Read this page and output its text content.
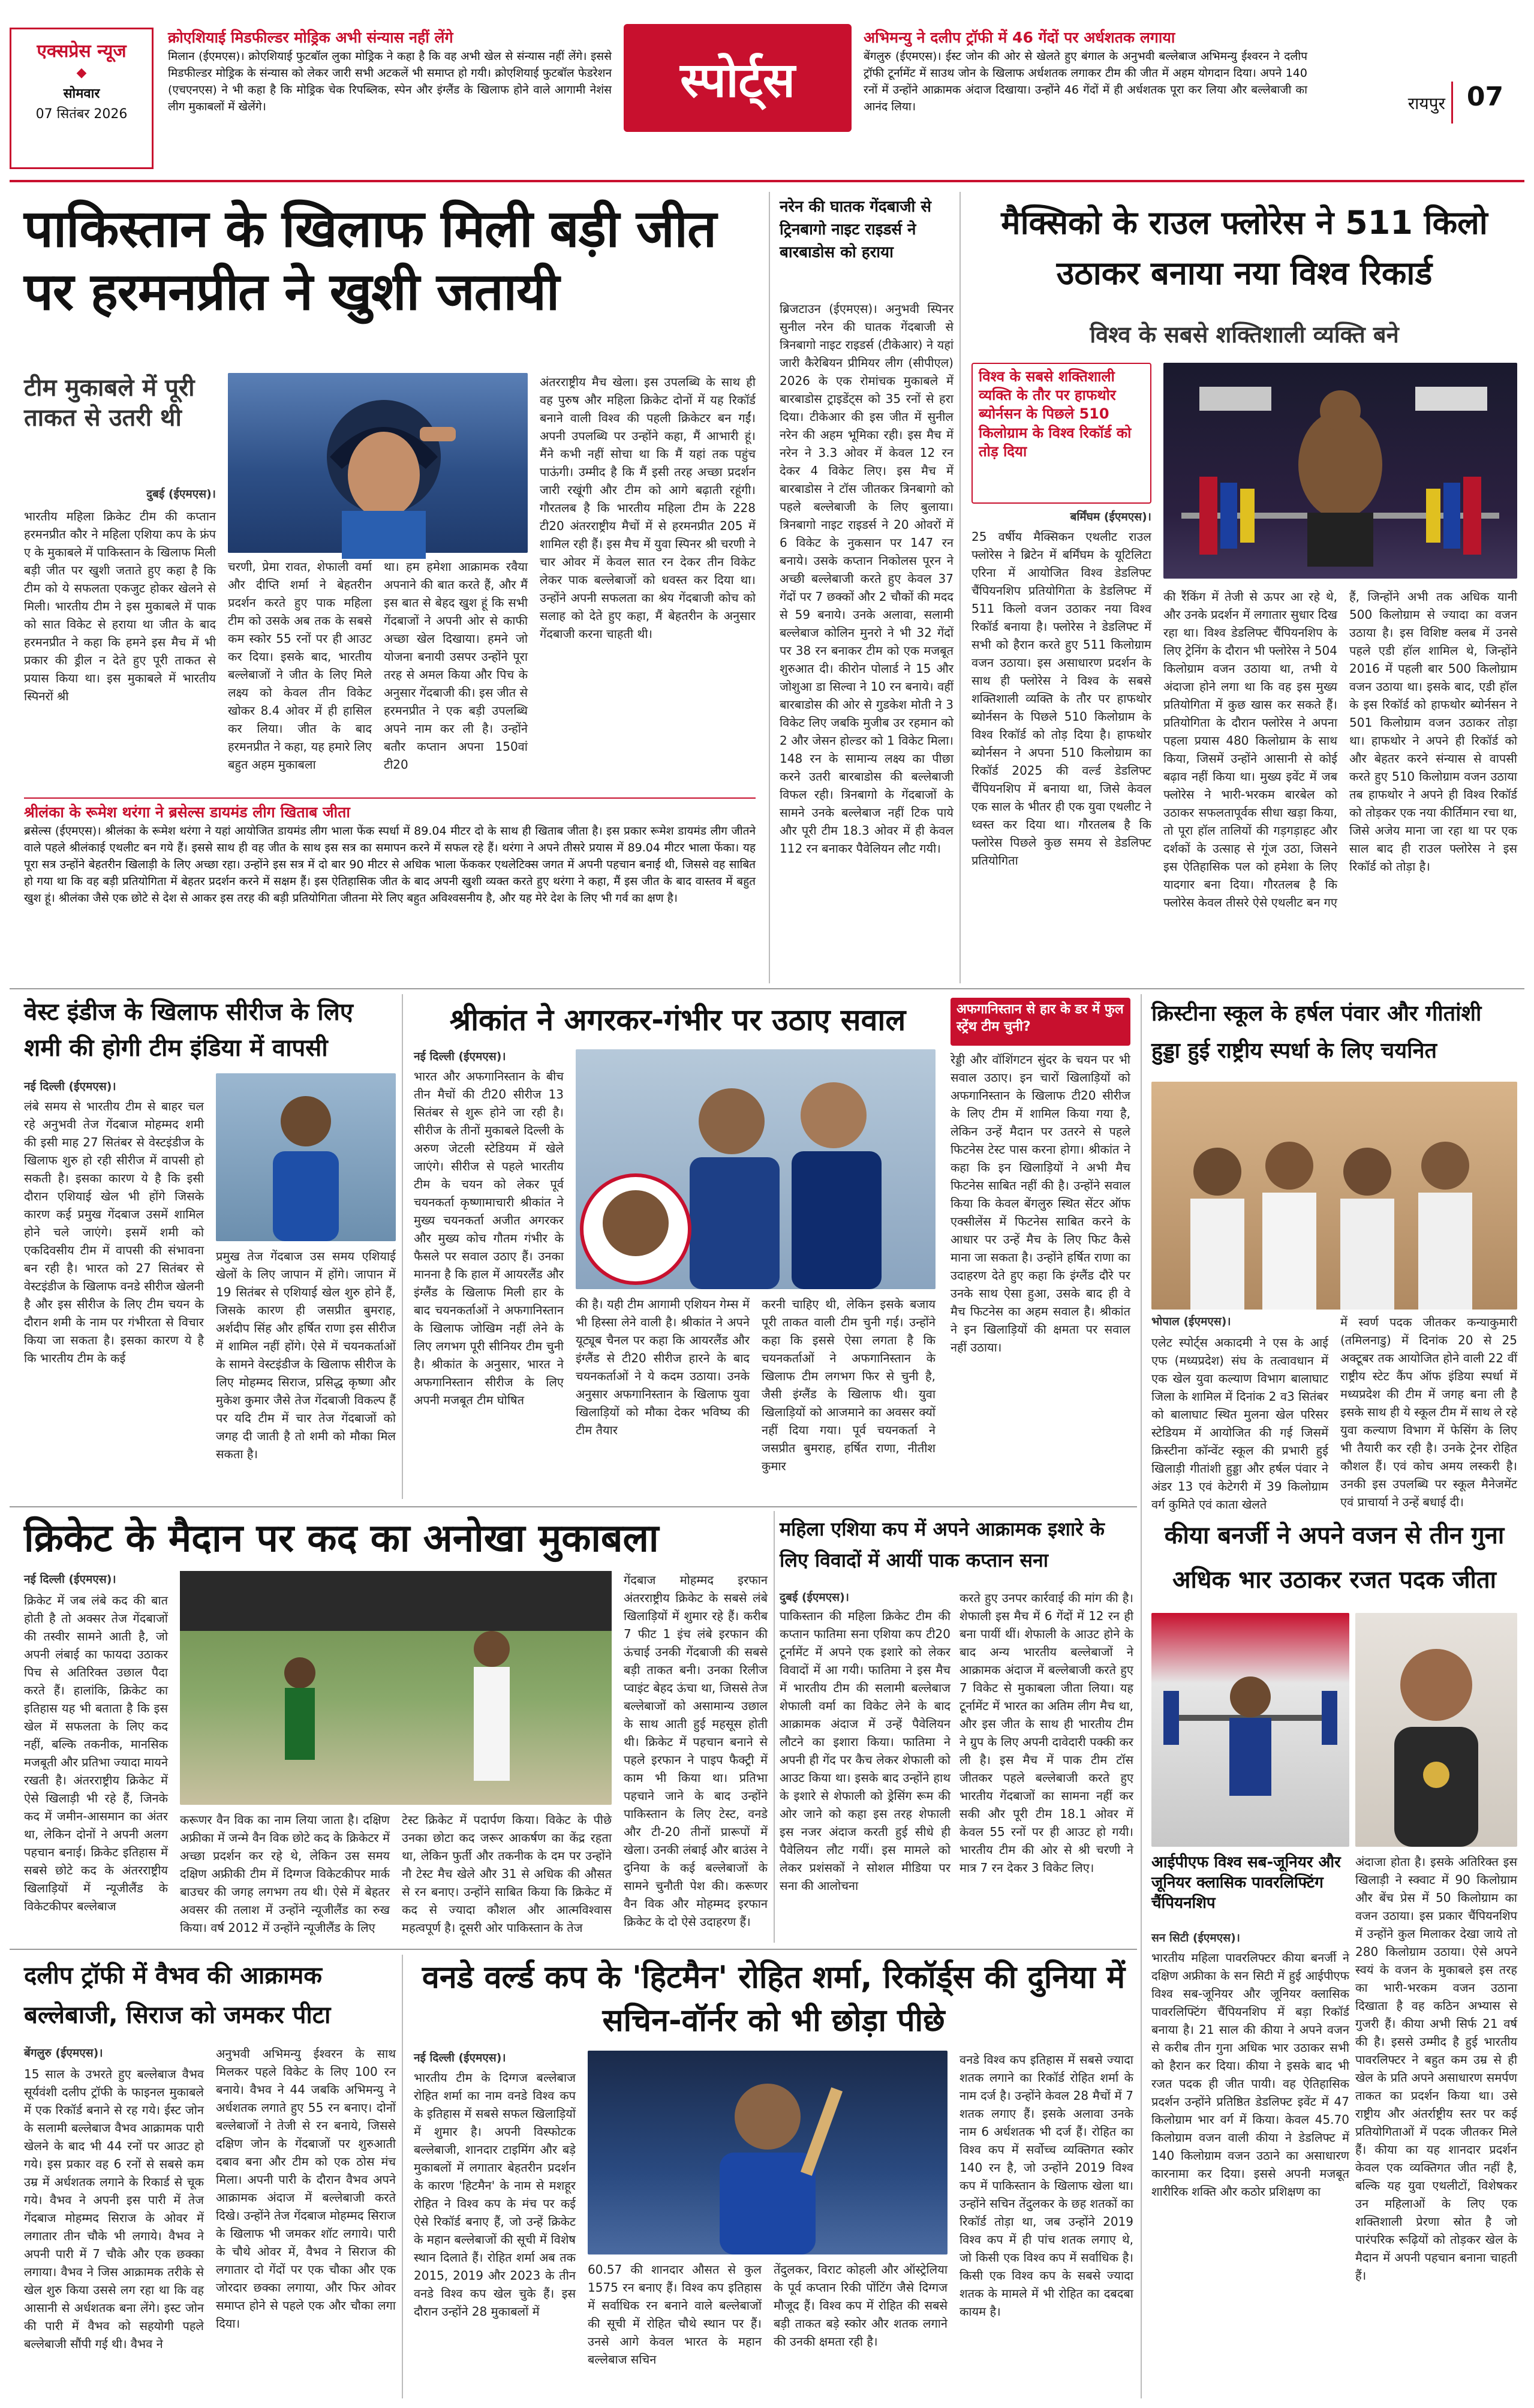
एक्सप्रेस न्यूज
◆
सोमवार
07 सितंबर 2026
क्रोएशियाई मिडफील्डर मोड्रिक अभी संन्यास नहीं लेंगे
मिलान (ईएमएस)। क्रोएशियाई फुटबॉल लुका मोड्रिक ने कहा है कि वह अभी खेल से संन्यास नहीं लेंगे। इससे मिडफील्डर मोड्रिक के संन्यास को लेकर जारी सभी अटकलें भी समाप्त हो गयी। क्रोएशियाई फुटबॉल फेडरेशन (एचएनएस) ने भी कहा है कि मोड्रिक चेक रिपब्लिक, स्पेन और इंग्लैंड के खिलाफ होने वाले आगामी नेशंस लीग मुकाबलों में खेलेंगे।	स्पोर्ट्स
अभिमन्यु ने दलीप ट्रॉफी में 46 गेंदों पर अर्धशतक लगाया
बेंगलुरु (ईएमएस)। ईस्ट जोन की ओर से खेलते हुए बंगाल के अनुभवी बल्लेबाज अभिमन्यु ईश्वरन ने दलीप ट्रॉफी टूर्नामेंट में साउथ जोन के खिलाफ अर्धशतक लगाकर टीम की जीत में अहम योगदान दिया। अपने 140 रनों में उन्होंने आक्रामक अंदाज दिखाया। उन्होंने 46 गेंदों में ही अर्धशतक पूरा कर लिया और बल्लेबाजी का आनंद लिया।	रायपुर 07
पाकिस्तान के खिलाफ मिली बड़ी जीत पर हरमनप्रीत ने खुशी जतायी
टीम मुकाबले में पूरी ताकत से उतरी थी
दुबई (ईएमएस)।
भारतीय महिला क्रिकेट टीम की कप्तान हरमनप्रीत कौर ने महिला एशिया कप के फ्रंप ए के मुकाबले में पाकिस्तान के खिलाफ मिली बड़ी जीत पर खुशी जताते हुए कहा है कि टीम को ये सफलता एकजुट होकर खेलने से मिली। भारतीय टीम ने इस मुकाबले में पाक को सात विकेट से हराया था जीत के बाद हरमनप्रीत ने कहा कि हमने इस मैच में भी प्रकार की ड्रील न देते हुए पूरी ताकत से प्रयास किया था। इस मुकाबले में भारतीय स्पिनरों श्री
चरणी, प्रेमा रावत, शेफाली वर्मा और दीप्ति शर्मा ने बेहतरीन प्रदर्शन करते हुए पाक महिला टीम को उसके अब तक के सबसे कम स्कोर 55 रनों पर ही आउट कर दिया। इसके बाद, भारतीय बल्लेबाजों ने जीत के लिए मिले लक्ष्य को केवल तीन विकेट खोकर 8.4 ओवर में ही हासिल कर लिया। जीत के बाद हरमनप्रीत ने कहा, यह हमारे लिए बहुत अहम मुकाबला
था। हम हमेशा आक्रामक रवैया अपनाने की बात करते हैं, और मैं इस बात से बेहद खुश हूं कि सभी गेंदबाजों ने अपनी ओर से काफी अच्छा खेल दिखाया। हमने जो योजना बनायी उसपर उन्होंने पूरा तरह से अमल किया और पिच के अनुसार गेंदबाजी की। इस जीत से हरमनप्रीत ने एक बड़ी उपलब्धि अपने नाम कर ली है। उन्होंने बतौर कप्तान अपना 150वां टी20
अंतरराष्ट्रीय मैच खेला। इस उपलब्धि के साथ ही वह पुरुष और महिला क्रिकेट दोनों में यह रिकॉर्ड बनाने वाली विश्व की पहली क्रिकेटर बन गईं। अपनी उपलब्धि पर उन्होंने कहा, मैं आभारी हूं। मैंने कभी नहीं सोचा था कि मैं यहां तक पहुंच पाऊंगी। उम्मीद है कि मैं इसी तरह अच्छा प्रदर्शन जारी रखूंगी और टीम को आगे बढ़ाती रहूंगी। गौरतलब है कि भारतीय महिला टीम के 228 टी20 अंतरराष्ट्रीय मैचों में से हरमनप्रीत 205 में शामिल रही हैं। इस मैच में युवा स्पिनर श्री चरणी ने चार ओवर में केवल सात रन देकर तीन विकेट लेकर पाक बल्लेबाजों को धवस्त कर दिया था। उन्होंने अपनी सफलता का श्रेय गेंदबाजी कोच को सलाह को देते हुए कहा, मैं बेहतरीन के अनुसार गेंदबाजी करना चाहती थी।
श्रीलंका के रूमेश थरंगा ने ब्रसेल्स डायमंड लीग खिताब जीता
ब्रसेल्स (ईएमएस)। श्रीलंका के रूमेश थरंगा ने यहां आयोजित डायमंड लीग भाला फेंक स्पर्धा में 89.04 मीटर दो के साथ ही खिताब जीता है। इस प्रकार रूमेश डायमंड लीग जीतने वाले पहले श्रीलंकाई एथलीट बन गये हैं। इससे साथ ही वह जीत के साथ इस सत्र का समापन करने में सफल रहे हैं। थरंगा ने अपने तीसरे प्रयास में 89.04 मीटर भाला फेंका। यह पूरा सत्र उन्होंने बेहतरीन खिलाड़ी के लिए अच्छा रहा। उन्होंने इस सत्र में दो बार 90 मीटर से अधिक भाला फेंककर एथलेटिक्स जगत में अपनी पहचान बनाई थी, जिससे वह साबित हो गया था कि वह बड़ी प्रतियोगिता में बेहतर प्रदर्शन करने में सक्षम हैं। इस ऐतिहासिक जीत के बाद अपनी खुशी व्यक्त करते हुए थरंगा ने कहा, मैं इस जीत के बाद वास्तव में बहुत खुश हूं। श्रीलंका जैसे एक छोटे से देश से आकर इस तरह की बड़ी प्रतियोगिता जीतना मेरे लिए बहुत अविश्वसनीय है, और यह मेरे देश के लिए भी गर्व का क्षण है।
नरेन की घातक गेंदबाजी से ट्रिनबागो नाइट राइडर्स ने बारबाडोस को हराया
ब्रिजटाउन (ईएमएस)। अनुभवी स्पिनर सुनील नरेन की घातक गेंदबाजी से त्रिनबागो नाइट राइडर्स (टीकेआर) ने यहां जारी कैरेबियन प्रीमियर लीग (सीपीएल) 2026 के एक रोमांचक मुकाबले में बारबाडोस ट्राइडेंट्स को 35 रनों से हरा दिया। टीकेआर की इस जीत में सुनील नरेन की अहम भूमिका रही। इस मैच में नरेन ने 3.3 ओवर में केवल 12 रन देकर 4 विकेट लिए। इस मैच में बारबाडोस ने टॉस जीतकर त्रिनबागो को पहले बल्लेबाजी के लिए बुलाया। त्रिनबागो नाइट राइडर्स ने 20 ओवरों में 6 विकेट के नुकसान पर 147 रन बनाये। उसके कप्तान निकोलस पूरन ने अच्छी बल्लेबाजी करते हुए केवल 37 गेंदों पर 7 छक्कों और 2 चौकों की मदद से 59 बनाये। उनके अलावा, सलामी बल्लेबाज कोलिन मुनरो ने भी 32 गेंदों पर 38 रन बनाकर टीम को एक मजबूत शुरुआत दी। कीरोन पोलार्ड ने 15 और जोशुआ डा सिल्वा ने 10 रन बनाये। वहीं बारबाडोस की ओर से गुडकेश मोती ने 3 विकेट लिए जबकि मुजीब उर रहमान को 2 और जेसन होल्डर को 1 विकेट मिला। 148 रन के सामान्य लक्ष्य का पीछा करने उतरी बारबाडोस की बल्लेबाजी विफल रही। त्रिनबागो के गेंदबाजों के सामने उनके बल्लेबाज नहीं टिक पाये और पूरी टीम 18.3 ओवर में ही केवल 112 रन बनाकर पैवेलियन लौट गयी।
मैक्सिको के राउल फ्लोरेस ने 511 किलो उठाकर बनाया नया विश्व रिकार्ड
विश्व के सबसे शक्तिशाली व्यक्ति बने
विश्व के सबसे शक्तिशाली व्यक्ति के तौर पर हाफथोर ब्योर्नसन के पिछले 510 किलोग्राम के विश्व रिकॉर्ड को तोड़ दिया
बर्मिंघम (ईएमएस)।
25 वर्षीय मैक्सिकन एथलीट राउल फ्लोरेस ने ब्रिटेन में बर्मिंघम के यूटिलिटा एरिना में आयोजित विश्व डेडलिफ्ट चैंपियनशिप प्रतियोगिता के डेडलिफ्ट में 511 किलो वजन उठाकर नया विश्व रिकॉर्ड बनाया है। फ्लोरेस ने डेडलिफ्ट में सभी को हैरान करते हुए 511 किलोग्राम वजन उठाया। इस असाधारण प्रदर्शन के साथ ही फ्लोरेस ने विश्व के सबसे शक्तिशाली व्यक्ति के तौर पर हाफथोर ब्योर्नसन के पिछले 510 किलोग्राम के विश्व रिकॉर्ड को तोड़ दिया है। हाफथोर ब्योर्नसन ने अपना 510 किलोग्राम का रिकॉर्ड 2025 की वर्ल्ड डेडलिफ्ट चैंपियनशिप में बनाया था, जिसे केवल एक साल के भीतर ही एक युवा एथलीट ने ध्वस्त कर दिया था। गौरतलब है कि फ्लोरेस पिछले कुछ समय से डेडलिफ्ट प्रतियोगिता
की रैंकिंग में तेजी से ऊपर आ रहे थे, और उनके प्रदर्शन में लगातार सुधार दिख रहा था। विश्व डेडलिफ्ट चैंपियनशिप के लिए ट्रेनिंग के दौरान भी फ्लोरेस ने 504 किलोग्राम वजन उठाया था, तभी ये अंदाजा होने लगा था कि वह इस मुख्य प्रतियोगिता में कुछ खास कर सकते हैं। प्रतियोगिता के दौरान फ्लोरेस ने अपना पहला प्रयास 480 किलोग्राम के साथ किया, जिसमें उन्होंने आसानी से कोई बढ़ाव नहीं किया था। मुख्य इवेंट में जब फ्लोरेस ने भारी-भरकम बारबेल को उठाकर सफलतापूर्वक सीधा खड़ा किया, तो पूरा हॉल तालियों की गड़गड़ाहट और दर्शकों के उत्साह से गूंज उठा, जिसने इस ऐतिहासिक पल को हमेशा के लिए यादगार बना दिया। गौरतलब है कि फ्लोरेस केवल तीसरे ऐसे एथलीट बन गए
हैं, जिन्होंने अभी तक अधिक यानी 500 किलोग्राम से ज्यादा का वजन उठाया है। इस विशिष्ट क्लब में उनसे पहले एडी हॉल शामिल थे, जिन्होंने 2016 में पहली बार 500 किलोग्राम वजन उठाया था। इसके बाद, एडी हॉल के इस रिकॉर्ड को हाफथोर ब्योर्नसन ने 501 किलोग्राम वजन उठाकर तोड़ा था। हाफथोर ने अपने ही रिकॉर्ड को और बेहतर करने संन्यास से वापसी करते हुए 510 किलोग्राम वजन उठाया तब हाफथोर ने अपने ही विश्व रिकॉर्ड को तोड़कर एक नया कीर्तिमान रचा था, जिसे अजेय माना जा रहा था पर एक साल बाद ही राउल फ्लोरेस ने इस रिकॉर्ड को तोड़ा है।
वेस्ट इंडीज के खिलाफ सीरीज के लिए शमी की होगी टीम इंडिया में वापसी
नई दिल्ली (ईएमएस)।
लंबे समय से भारतीय टीम से बाहर चल रहे अनुभवी तेज गेंदबाज मोहम्मद शमी की इसी माह 27 सितंबर से वेस्टइंडीज के खिलाफ शुरु हो रही सीरीज में वापसी हो सकती है। इसका कारण ये है कि इसी दौरान एशियाई खेल भी होंगे जिसके कारण कई प्रमुख गेंदबाज उसमें शामिल होने चले जाएंगे। इसमें शमी को एकदिवसीय टीम में वापसी की संभावना बन रही है। भारत को 27 सितंबर से वेस्टइंडीज के खिलाफ वनडे सीरीज खेलनी है और इस सीरीज के लिए टीम चयन के दौरान शमी के नाम पर गंभीरता से विचार किया जा सकता है। इसका कारण ये है कि भारतीय टीम के कई
प्रमुख तेज गेंदबाज उस समय एशियाई खेलों के लिए जापान में होंगे। जापान में 19 सितंबर से एशियाई खेल शुरु होने हैं, जिसके कारण ही जसप्रीत बुमराह, अर्शदीप सिंह और हर्षित राणा इस सीरीज में शामिल नहीं होंगे। ऐसे में चयनकर्ताओं के सामने वेस्टइंडीज के खिलाफ सीरीज के लिए मोहम्मद सिराज, प्रसिद्ध कृष्णा और मुकेश कुमार जैसे तेज गेंदबाजी विकल्प हैं पर यदि टीम में चार तेज गेंदबाजों को जगह दी जाती है तो शमी को मौका मिल सकता है।
श्रीकांत ने अगरकर-गंभीर पर उठाए सवाल	अफगानिस्तान से हार के डर में फुल स्ट्रेंथ टीम चुनी?
नई दिल्ली (ईएमएस)।
भारत और अफगानिस्तान के बीच तीन मैचों की टी20 सीरीज 13 सितंबर से शुरू होने जा रही है। सीरीज के तीनों मुकाबले दिल्ली के अरुण जेटली स्टेडियम में खेले जाएंगे। सीरीज से पहले भारतीय टीम के चयन को लेकर पूर्व चयनकर्ता कृष्णामाचारी श्रीकांत ने मुख्य चयनकर्ता अजीत अगरकर और मुख्य कोच गौतम गंभीर के फैसले पर सवाल उठाए हैं। उनका मानना है कि हाल में आयरलैंड और इंग्लैंड के खिलाफ मिली हार के बाद चयनकर्ताओं ने अफगानिस्तान के खिलाफ जोखिम नहीं लेने के लिए लगभग पूरी सीनियर टीम चुनी है। श्रीकांत के अनुसार, भारत ने अफगानिस्तान सीरीज के लिए अपनी मजबूत टीम घोषित
की है। यही टीम आगामी एशियन गेम्स में भी हिस्सा लेने वाली है। श्रीकांत ने अपने यूट्यूब चैनल पर कहा कि आयरलैंड और इंग्लैंड से टी20 सीरीज हारने के बाद चयनकर्ताओं ने ये कदम उठाया। उनके अनुसार अफगानिस्तान के खिलाफ युवा खिलाड़ियों को मौका देकर भविष्य की टीम तैयार
करनी चाहिए थी, लेकिन इसके बजाय पूरी ताकत वाली टीम चुनी गई। उन्होंने कहा कि इससे ऐसा लगता है कि चयनकर्ताओं ने अफगानिस्तान के खिलाफ टीम लगभग फिर से चुनी है, जैसी इंग्लैंड के खिलाफ थी। युवा खिलाड़ियों को आजमाने का अवसर क्यों नहीं दिया गया। पूर्व चयनकर्ता ने जसप्रीत बुमराह, हर्षित राणा, नीतीश कुमार
रेड्डी और वॉशिंगटन सुंदर के चयन पर भी सवाल उठाए। इन चारों खिलाड़ियों को अफगानिस्तान के खिलाफ टी20 सीरीज के लिए टीम में शामिल किया गया है, लेकिन उन्हें मैदान पर उतरने से पहले फिटनेस टेस्ट पास करना होगा। श्रीकांत ने कहा कि इन खिलाड़ियों ने अभी मैच फिटनेस साबित नहीं की है। उन्होंने सवाल किया कि केवल बेंगलुरु स्थित सेंटर ऑफ एक्सीलेंस में फिटनेस साबित करने के आधार पर उन्हें मैच के लिए फिट कैसे माना जा सकता है। उन्होंने हर्षित राणा का उदाहरण देते हुए कहा कि इंग्लैंड दौरे पर उनके साथ ऐसा हुआ, उसके बाद ही वे मैच फिटनेस का अहम सवाल है। श्रीकांत ने इन खिलाड़ियों की क्षमता पर सवाल नहीं उठाया।
क्रिस्टीना स्कूल के हर्षल पंवार और गीतांशी हुड्डा हुई राष्ट्रीय स्पर्धा के लिए चयनित
भोपाल (ईएमएस)।
एलेट स्पोर्ट्स अकादमी ने एस के आई एफ (मध्यप्रदेश) संघ के तत्वावधान में एक खेल युवा कल्याण विभाग बालाघाट जिला के शामिल में दिनांक 2 व3 सितंबर को बालाघाट स्थित मुलना खेल परिसर स्टेडियम में आयोजित की गई जिसमें क्रिस्टीना कॉन्वेंट स्कूल की प्रभारी हुई खिलाड़ी गीतांशी हुड्डा और हर्षल पंवार ने अंडर 13 एवं केटेगरी में 39 किलोग्राम वर्ग कुमिते एवं काता खेलते
में स्वर्ण पदक जीतकर कन्याकुमारी (तमिलनाडु) में दिनांक 20 से 25 अक्टूबर तक आयोजित होने वाली 22 वीं राष्ट्रीय स्टेट कैंप ऑफ इंडिया स्पर्धा में मध्यप्रदेश की टीम में जगह बना ली है इसके साथ ही ये स्कूल टीम में साथ ले रहे युवा कल्याण विभाग में फेसिंग के लिए भी तैयारी कर रही है। उनके ट्रेनर रोहित कौशल हैं। एवं कोच अमय लस्करी है। उनकी इस उपलब्धि पर स्कूल मैनेजमेंट एवं प्राचार्या ने उन्हें बधाई दी।
क्रिकेट के मैदान पर कद का अनोखा मुकाबला
नई दिल्ली (ईएमएस)।
क्रिकेट में जब लंबे कद की बात होती है तो अक्सर तेज गेंदबाजों की तस्वीर सामने आती है, जो अपनी लंबाई का फायदा उठाकर पिच से अतिरिक्त उछाल पैदा करते हैं। हालांकि, क्रिकेट का इतिहास यह भी बताता है कि इस खेल में सफलता के लिए कद नहीं, बल्कि तकनीक, मानसिक मजबूती और प्रतिभा ज्यादा मायने रखती है। अंतरराष्ट्रीय क्रिकेट में ऐसे खिलाड़ी भी रहे हैं, जिनके कद में जमीन-आसमान का अंतर था, लेकिन दोनों ने अपनी अलग पहचान बनाई। क्रिकेट इतिहास में सबसे छोटे कद के अंतरराष्ट्रीय खिलाड़ियों में न्यूजीलैंड के विकेटकीपर बल्लेबाज
करूणर वैन विक का नाम लिया जाता है। दक्षिण अफ्रीका में जन्मे वैन विक छोटे कद के क्रिकेटर में अच्छा प्रदर्शन कर रहे थे, लेकिन उस समय दक्षिण अफ्रीकी टीम में दिग्गज विकेटकीपर मार्क बाउचर की जगह लगभग तय थी। ऐसे में बेहतर अवसर की तलाश में उन्होंने न्यूजीलैंड का रुख किया। वर्ष 2012 में उन्होंने न्यूजीलैंड के लिए
टेस्ट क्रिकेट में पदार्पण किया। विकेट के पीछे उनका छोटा कद जरूर आकर्षण का केंद्र रहता था, लेकिन फुर्ती और तकनीक के दम पर उन्होंने नौ टेस्ट मैच खेले और 31 से अधिक की औसत से रन बनाए। उन्होंने साबित किया कि क्रिकेट में कद से ज्यादा कौशल और आत्मविश्वास महत्वपूर्ण है। दूसरी ओर पाकिस्तान के तेज
गेंदबाज मोहम्मद इरफान अंतरराष्ट्रीय क्रिकेट के सबसे लंबे खिलाड़ियों में शुमार रहे हैं। करीब 7 फीट 1 इंच लंबे इरफान की ऊंचाई उनकी गेंदबाजी की सबसे बड़ी ताकत बनी। उनका रिलीज प्वाइंट बेहद ऊंचा था, जिससे तेज बल्लेबाजों को असामान्य उछाल के साथ आती हुई महसूस होती थी। क्रिकेट में पहचान बनाने से पहले इरफान ने पाइप फैक्ट्री में काम भी किया था। प्रतिभा पहचाने जाने के बाद उन्होंने पाकिस्तान के लिए टेस्ट, वनडे और टी-20 तीनों प्रारूपों में खेला। उनकी लंबाई और बाउंस ने दुनिया के कई बल्लेबाजों के सामने चुनौती पेश की। करूणर वैन विक और मोहम्मद इरफान क्रिकेट के दो ऐसे उदाहरण हैं।
महिला एशिया कप में अपने आक्रामक इशारे के लिए विवादों में आयीं पाक कप्तान सना
दुबई (ईएमएस)।
पाकिस्तान की महिला क्रिकेट टीम की कप्तान फातिमा सना एशिया कप टी20 टूर्नामेंट में अपने एक इशारे को लेकर विवादों में आ गयी। फातिमा ने इस मैच में भारतीय टीम की सलामी बल्लेबाज शेफाली वर्मा का विकेट लेने के बाद आक्रामक अंदाज में उन्हें पैवेलियन लौटने का इशारा किया। फातिमा ने अपनी ही गेंद पर कैच लेकर शेफाली को आउट किया था। इसके बाद उन्होंने हाथ के इशारे से शेफाली को ड्रेसिंग रूम की ओर जाने को कहा इस तरह शेफाली इस नजर अंदाज करती हुई सीधे ही पैवेलियन लौट गयीं। इस मामले को लेकर प्रशंसकों ने सोशल मीडिया पर सना की आलोचना
करते हुए उनपर कार्रवाई की मांग की है। शेफाली इस मैच में 6 गेंदों में 12 रन ही बना पायीं थीं। शेफाली के आउट होने के बाद अन्य भारतीय बल्लेबाजों ने आक्रामक अंदाज में बल्लेबाजी करते हुए 7 विकेट से मुकाबला जीता लिया। यह टूर्नामेंट में भारत का अतिम लीग मैच था, और इस जीत के साथ ही भारतीय टीम ने ग्रुप के लिए अपनी दावेदारी पक्की कर ली है। इस मैच में पाक टीम टॉस जीतकर पहले बल्लेबाजी करते हुए भारतीय गेंदबाजों का सामना नहीं कर सकी और पूरी टीम 18.1 ओवर में केवल 55 रनों पर ही आउट हो गयी। भारतीय टीम की ओर से श्री चरणी ने मात्र 7 रन देकर 3 विकेट लिए।
कीया बनर्जी ने अपने वजन से तीन गुना अधिक भार उठाकर रजत पदक जीता
आईपीएफ विश्व सब-जूनियर और जूनियर क्लासिक पावरलिफ्टिंग चैंपियनशिप
सन सिटी (ईएमएस)।
भारतीय महिला पावरलिफ्टर कीया बनर्जी ने दक्षिण अफ्रीका के सन सिटी में हुई आईपीएफ विश्व सब-जूनियर और जूनियर क्लासिक पावरलिफ्टिंग चैंपियनशिप में बड़ा रिकॉर्ड बनाया है। 21 साल की कीया ने अपने वजन से करीब तीन गुना अधिक भार उठाकर सभी को हैरान कर दिया। कीया ने इसके बाद भी रजत पदक ही जीत पायी। वह ऐतिहासिक प्रदर्शन उन्होंने प्रतिष्ठित डेडलिफ्ट इवेंट में 47 किलोग्राम भार वर्ग में किया। केवल 45.70 किलोग्राम वजन वाली कीया ने डेडलिफ्ट में 140 किलोग्राम वजन उठाने का असाधारण कारनामा कर दिया। इससे अपनी मजबूत शारीरिक शक्ति और कठोर प्रशिक्षण का
अंदाजा होता है। इसके अतिरिक्त इस खिलाड़ी ने स्क्वाट में 90 किलोग्राम और बेंच प्रेस में 50 किलोग्राम का वजन उठाया। इस प्रकार चैंपियनशिप में उन्होंने कुल मिलाकर देखा जाये तो 280 किलोग्राम उठाया। ऐसे अपने स्वयं के वजन के मुकाबले इस तरह का भारी-भरकम वजन उठाना दिखाता है वह कठिन अभ्यास से गुजरी हैं। कीया अभी सिर्फ 21 वर्ष की है। इससे उम्मीद है हुई भारतीय पावरलिफ्टर ने बहुत कम उम्र से ही खेल के प्रति अपने असाधारण समर्पण ताकत का प्रदर्शन किया था। उसे राष्ट्रीय और अंतर्राष्ट्रीय स्तर पर कई प्रतियोगिताओं में पदक जीतकर मिले हैं। कीया का यह शानदार प्रदर्शन केवल एक व्यक्तिगत जीत नहीं है, बल्कि यह युवा एथलीटों, विशेषकर उन महिलाओं के लिए एक शक्तिशाली प्रेरणा स्रोत है जो पारंपरिक रूढ़ियों को तोड़कर खेल के मैदान में अपनी पहचान बनाना चाहती हैं।
दलीप ट्रॉफी में वैभव की आक्रामक बल्लेबाजी, सिराज को जमकर पीटा
बेंगलुरु (ईएमएस)।
15 साल के उभरते हुए बल्लेबाज वैभव सूर्यवंशी दलीप ट्रॉफी के फाइनल मुकाबले में एक रिकॉर्ड बनाने से रह गये। ईस्ट जोन के सलामी बल्लेबाज वैभव आक्रामक पारी खेलने के बाद भी 44 रनों पर आउट हो गये। इस प्रकार वह 6 रनों से सबसे कम उम्र में अर्धशतक लगाने के रिकार्ड से चूक गये। वैभव ने अपनी इस पारी में तेज गेंदबाज मोहम्मद सिराज के ओवर में लगातार तीन चौके भी लगाये। वैभव ने अपनी पारी में 7 चौके और एक छक्का लगाया। वैभव ने जिस आक्रामक तरीके से खेल शुरु किया उससे लग रहा था कि वह आसानी से अर्धशतक बना लेंगे। इस्ट जोन की पारी में वैभव को सहयोगी पहले बल्लेबाजी सौंपी गई थी। वैभव ने
अनुभवी अभिमन्यु ईश्वरन के साथ मिलकर पहले विकेट के लिए 100 रन बनाये। वैभव ने 44 जबकि अभिमन्यु ने अर्धशतक लगाते हुए 55 रन बनाए। दोनों बल्लेबाजों ने तेजी से रन बनाये, जिससे दक्षिण जोन के गेंदबाजों पर शुरुआती दबाव बना और टीम को एक ठोस मंच मिला। अपनी पारी के दौरान वैभव अपने आक्रामक अंदाज में बल्लेबाजी करते दिखे। उन्होंने तेज गेंदबाज मोहम्मद सिराज के खिलाफ भी जमकर शॉट लगाये। पारी के चौथे ओवर में, वैभव ने सिराज की लगातार दो गेंदों पर एक चौका और एक जोरदार छक्का लगाया, और फिर ओवर समाप्त होने से पहले एक और चौका लगा दिया।
वनडे वर्ल्ड कप के 'हिटमैन' रोहित शर्मा, रिकॉर्ड्स की दुनिया में सचिन-वॉर्नर को भी छोड़ा पीछे
नई दिल्ली (ईएमएस)।
भारतीय टीम के दिग्गज बल्लेबाज रोहित शर्मा का नाम वनडे विश्व कप के इतिहास में सबसे सफल खिलाड़ियों में शुमार है। अपनी विस्फोटक बल्लेबाजी, शानदार टाइमिंग और बड़े मुकाबलों में लगातार बेहतरीन प्रदर्शन के कारण 'हिटमैन' के नाम से मशहूर रोहित ने विश्व कप के मंच पर कई ऐसे रिकॉर्ड बनाए हैं, जो उन्हें क्रिकेट के महान बल्लेबाजों की सूची में विशेष स्थान दिलाते हैं। रोहित शर्मा अब तक 2015, 2019 और 2023 के तीन वनडे विश्व कप खेल चुके हैं। इस दौरान उन्होंने 28 मुकाबलों में
60.57 की शानदार औसत से कुल 1575 रन बनाए हैं। विश्व कप इतिहास में सर्वाधिक रन बनाने वाले बल्लेबाजों की सूची में रोहित चौथे स्थान पर हैं। उनसे आगे केवल भारत के महान बल्लेबाज सचिन
तेंदुलकर, विराट कोहली और ऑस्ट्रेलिया के पूर्व कप्तान रिकी पोंटिंग जैसे दिग्गज मौजूद हैं। विश्व कप में रोहित की सबसे बड़ी ताकत बड़े स्कोर और शतक लगाने की उनकी क्षमता रही है।
वनडे विश्व कप इतिहास में सबसे ज्यादा शतक लगाने का रिकॉर्ड रोहित शर्मा के नाम दर्ज है। उन्होंने केवल 28 मैचों में 7 शतक लगाए हैं। इसके अलावा उनके नाम 6 अर्धशतक भी दर्ज हैं। रोहित का विश्व कप में सर्वोच्च व्यक्तिगत स्कोर 140 रन है, जो उन्होंने 2019 विश्व कप में पाकिस्तान के खिलाफ खेला था। उन्होंने सचिन तेंदुलकर के छह शतकों का रिकॉर्ड तोड़ा था, जब उन्होंने 2019 विश्व कप में ही पांच शतक लगाए थे, जो किसी एक विश्व कप में सर्वाधिक है। किसी एक विश्व कप के सबसे ज्यादा शतक के मामले में भी रोहित का दबदबा कायम है।
